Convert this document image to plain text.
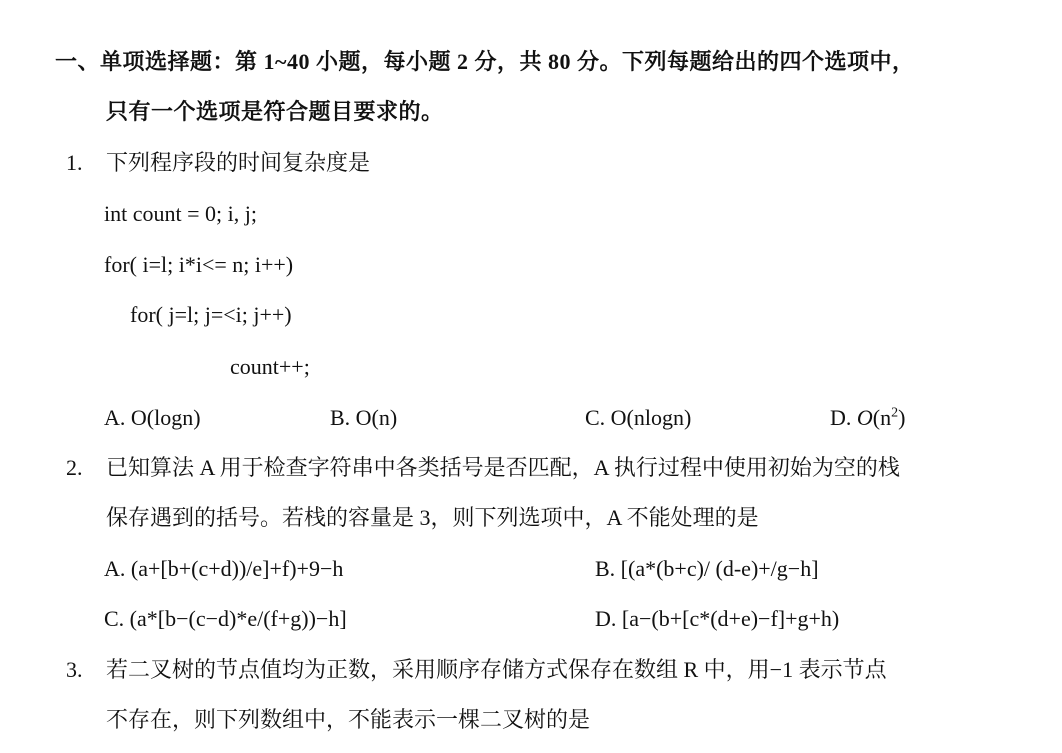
一、单项选择题：第 1~40 小题，每小题 2 分，共 80 分。下列每题给出的四个选项中，
只有一个选项是符合题目要求的。
1. 下列程序段的时间复杂度是
int count = 0; i, j;
for( i=l; i*i<= n; i++)
for( j=l; j=<i; j++)
count++;
A. O(logn)	B. O(n)	C. O(nlogn)	D. $O(n^2)$
2. 已知算法 A 用于检查字符串中各类括号是否匹配，A 执行过程中使用初始为空的栈
保存遇到的括号。若栈的容量是 3，则下列选项中，A 不能处理的是
A. (a+[b+(c+d))/e]+f)+9−h	B. [(a*(b+c)/ (d-e)+/g−h]
C. (a*[b−(c−d)*e/(f+g))−h]	D. [a−(b+[c*(d+e)−f]+g+h)
3. 若二叉树的节点值均为正数，采用顺序存储方式保存在数组 R 中，用−1 表示节点
不存在，则下列数组中，不能表示一棵二叉树的是
